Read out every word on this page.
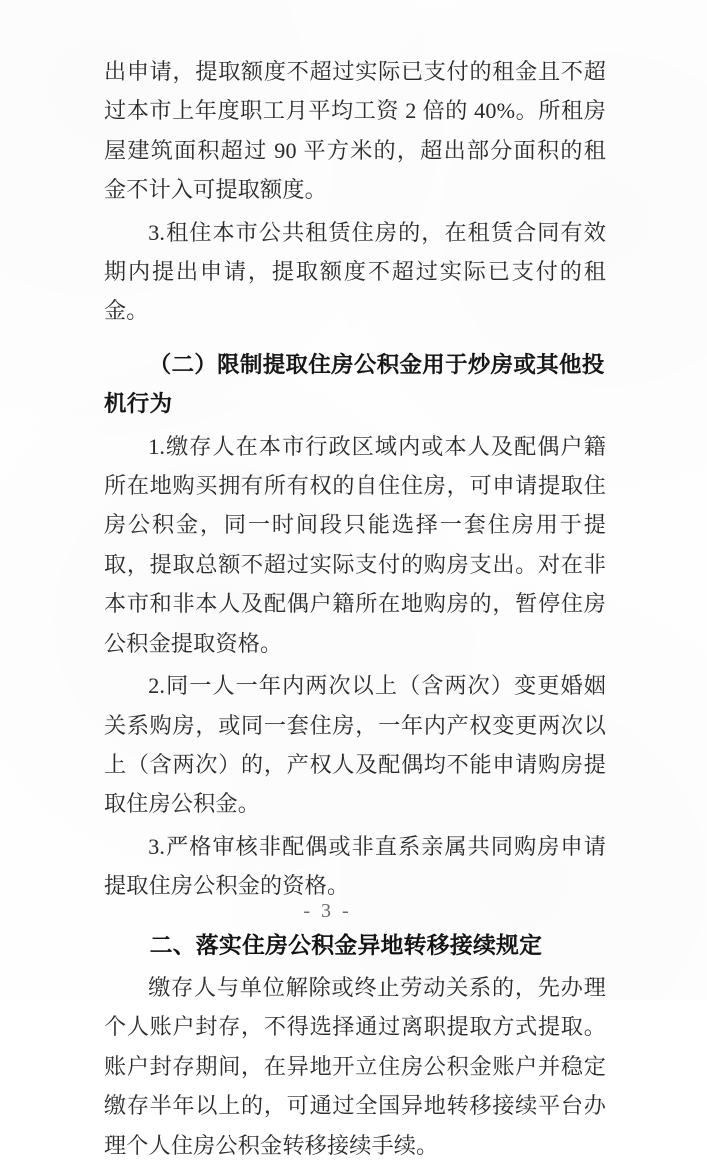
出申请，提取额度不超过实际已支付的租金且不超过本市上年度职工月平均工资 2 倍的 40%。所租房屋建筑面积超过 90 平方米的，超出部分面积的租金不计入可提取额度。

3.租住本市公共租赁住房的，在租赁合同有效期内提出申请，提取额度不超过实际已支付的租金。

（二）限制提取住房公积金用于炒房或其他投机行为

1.缴存人在本市行政区域内或本人及配偶户籍所在地购买拥有所有权的自住住房，可申请提取住房公积金，同一时间段只能选择一套住房用于提取，提取总额不超过实际支付的购房支出。对在非本市和非本人及配偶户籍所在地购房的，暂停住房公积金提取资格。

2.同一人一年内两次以上（含两次）变更婚姻关系购房，或同一套住房，一年内产权变更两次以上（含两次）的，产权人及配偶均不能申请购房提取住房公积金。

3.严格审核非配偶或非直系亲属共同购房申请提取住房公积金的资格。

二、落实住房公积金异地转移接续规定

缴存人与单位解除或终止劳动关系的，先办理个人账户封存，不得选择通过离职提取方式提取。账户封存期间，在异地开立住房公积金账户并稳定缴存半年以上的，可通过全国异地转移接续平台办理个人住房公积金转移接续手续。

- 3 -
